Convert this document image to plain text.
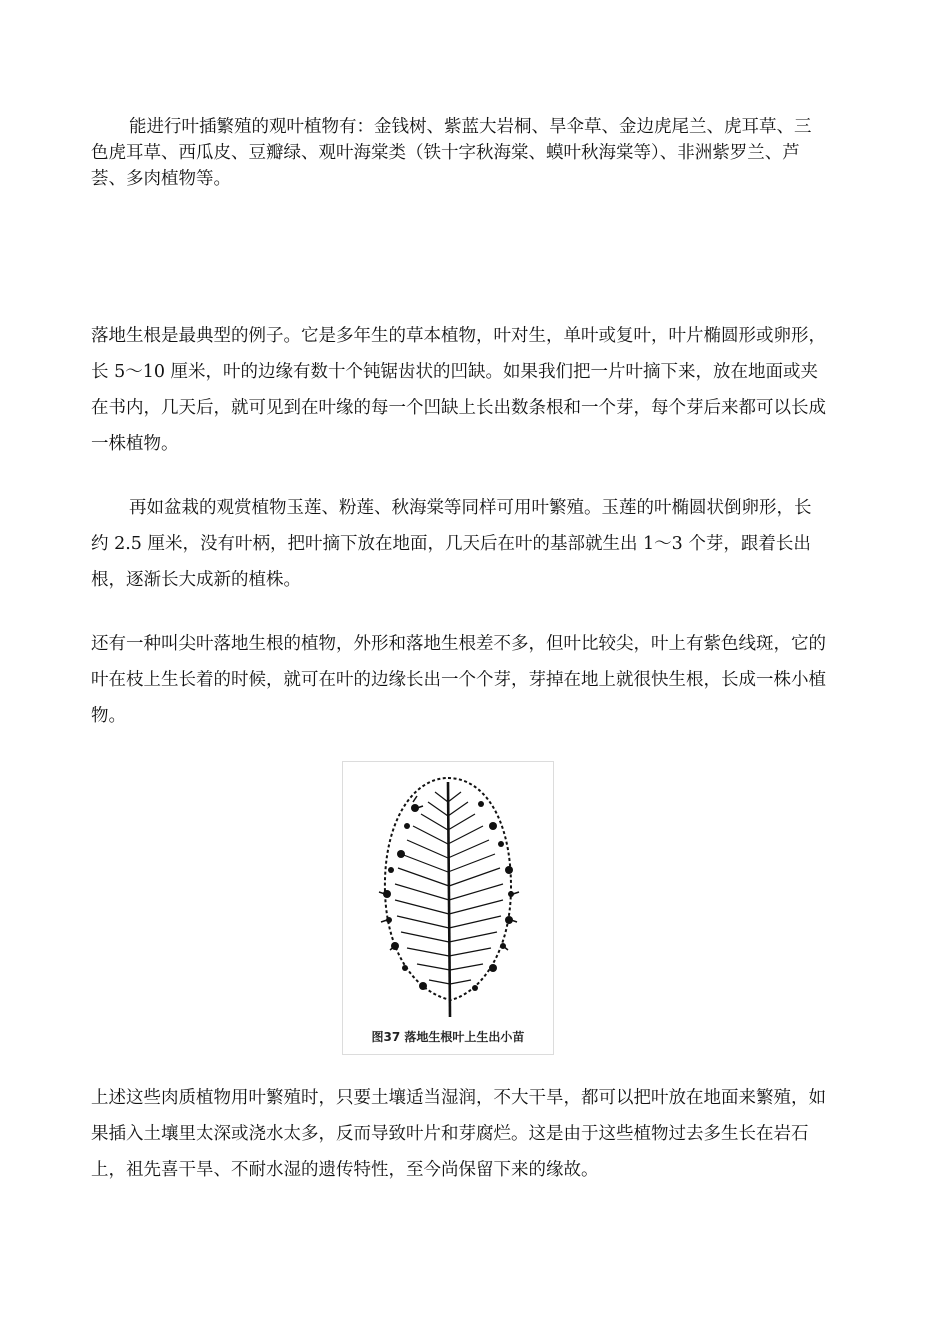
能进行叶插繁殖的观叶植物有：金钱树、紫蓝大岩桐、旱伞草、金边虎尾兰、虎耳草、三色虎耳草、西瓜皮、豆瓣绿、观叶海棠类（铁十字秋海棠、蟆叶秋海棠等）、非洲紫罗兰、芦荟、多肉植物等。

落地生根是最典型的例子。它是多年生的草本植物，叶对生，单叶或复叶，叶片椭圆形或卵形，长 5～10 厘米，叶的边缘有数十个钝锯齿状的凹缺。如果我们把一片叶摘下来，放在地面或夹在书内，几天后，就可见到在叶缘的每一个凹缺上长出数条根和一个芽，每个芽后来都可以长成一株植物。

再如盆栽的观赏植物玉莲、粉莲、秋海棠等同样可用叶繁殖。玉莲的叶椭圆状倒卵形，长约 2.5 厘米，没有叶柄，把叶摘下放在地面，几天后在叶的基部就生出 1～3 个芽，跟着长出根，逐渐长大成新的植株。

还有一种叫尖叶落地生根的植物，外形和落地生根差不多，但叶比较尖，叶上有紫色线斑，它的叶在枝上生长着的时候，就可在叶的边缘长出一个个芽，芽掉在地上就很快生根，长成一株小植物。

图37 落地生根叶上生出小苗

上述这些肉质植物用叶繁殖时，只要土壤适当湿润，不大干旱，都可以把叶放在地面来繁殖，如果插入土壤里太深或浇水太多，反而导致叶片和芽腐烂。这是由于这些植物过去多生长在岩石上，祖先喜干旱、不耐水湿的遗传特性，至今尚保留下来的缘故。
